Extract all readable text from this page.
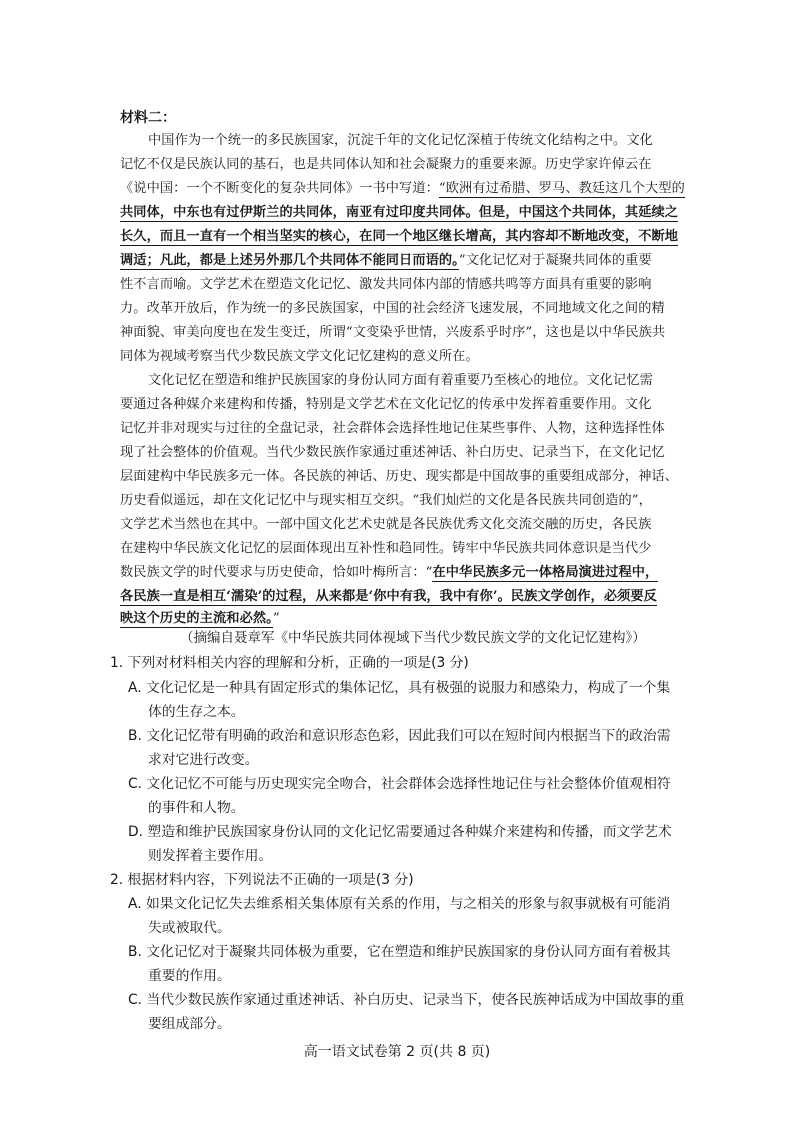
材料二：
中国作为一个统一的多民族国家，沉淀千年的文化记忆深植于传统文化结构之中。文化
记忆不仅是民族认同的基石，也是共同体认知和社会凝聚力的重要来源。历史学家许倬云在
《说中国：一个不断变化的复杂共同体》一书中写道：“欧洲有过希腊、罗马、教廷这几个大型的
共同体，中东也有过伊斯兰的共同体，南亚有过印度共同体。但是，中国这个共同体，其延续之
长久，而且一直有一个相当坚实的核心，在同一个地区继长增高，其内容却不断地改变，不断地
调适；凡此，都是上述另外那几个共同体不能同日而语的。”文化记忆对于凝聚共同体的重要
性不言而喻。文学艺术在塑造文化记忆、激发共同体内部的情感共鸣等方面具有重要的影响
力。改革开放后，作为统一的多民族国家，中国的社会经济飞速发展，不同地域文化之间的精
神面貌、审美向度也在发生变迁，所谓“文变染乎世情，兴废系乎时序”，这也是以中华民族共
同体为视域考察当代少数民族文学文化记忆建构的意义所在。
文化记忆在塑造和维护民族国家的身份认同方面有着重要乃至核心的地位。文化记忆需
要通过各种媒介来建构和传播，特别是文学艺术在文化记忆的传承中发挥着重要作用。文化
记忆并非对现实与过往的全盘记录，社会群体会选择性地记住某些事件、人物，这种选择性体
现了社会整体的价值观。当代少数民族作家通过重述神话、补白历史、记录当下，在文化记忆
层面建构中华民族多元一体。各民族的神话、历史、现实都是中国故事的重要组成部分，神话、
历史看似遥远，却在文化记忆中与现实相互交织。“我们灿烂的文化是各民族共同创造的”，
文学艺术当然也在其中。一部中国文化艺术史就是各民族优秀文化交流交融的历史，各民族
在建构中华民族文化记忆的层面体现出互补性和趋同性。铸牢中华民族共同体意识是当代少
数民族文学的时代要求与历史使命，恰如叶梅所言：“在中华民族多元一体格局演进过程中，
各民族一直是相互‘濡染’的过程，从来都是‘你中有我，我中有你’。民族文学创作，必须要反
映这个历史的主流和必然。”
（摘编自聂章军《中华民族共同体视域下当代少数民族文学的文化记忆建构》）
1. 下列对材料相关内容的理解和分析，正确的一项是(3 分)
A. 文化记忆是一种具有固定形式的集体记忆，具有极强的说服力和感染力，构成了一个集
体的生存之本。
B. 文化记忆带有明确的政治和意识形态色彩，因此我们可以在短时间内根据当下的政治需
求对它进行改变。
C. 文化记忆不可能与历史现实完全吻合，社会群体会选择性地记住与社会整体价值观相符
的事件和人物。
D. 塑造和维护民族国家身份认同的文化记忆需要通过各种媒介来建构和传播，而文学艺术
则发挥着主要作用。
2. 根据材料内容，下列说法不正确的一项是(3 分)
A. 如果文化记忆失去维系相关集体原有关系的作用，与之相关的形象与叙事就极有可能消
失或被取代。
B. 文化记忆对于凝聚共同体极为重要，它在塑造和维护民族国家的身份认同方面有着极其
重要的作用。
C. 当代少数民族作家通过重述神话、补白历史、记录当下，使各民族神话成为中国故事的重
要组成部分。
高一语文试卷第 2 页(共 8 页)
